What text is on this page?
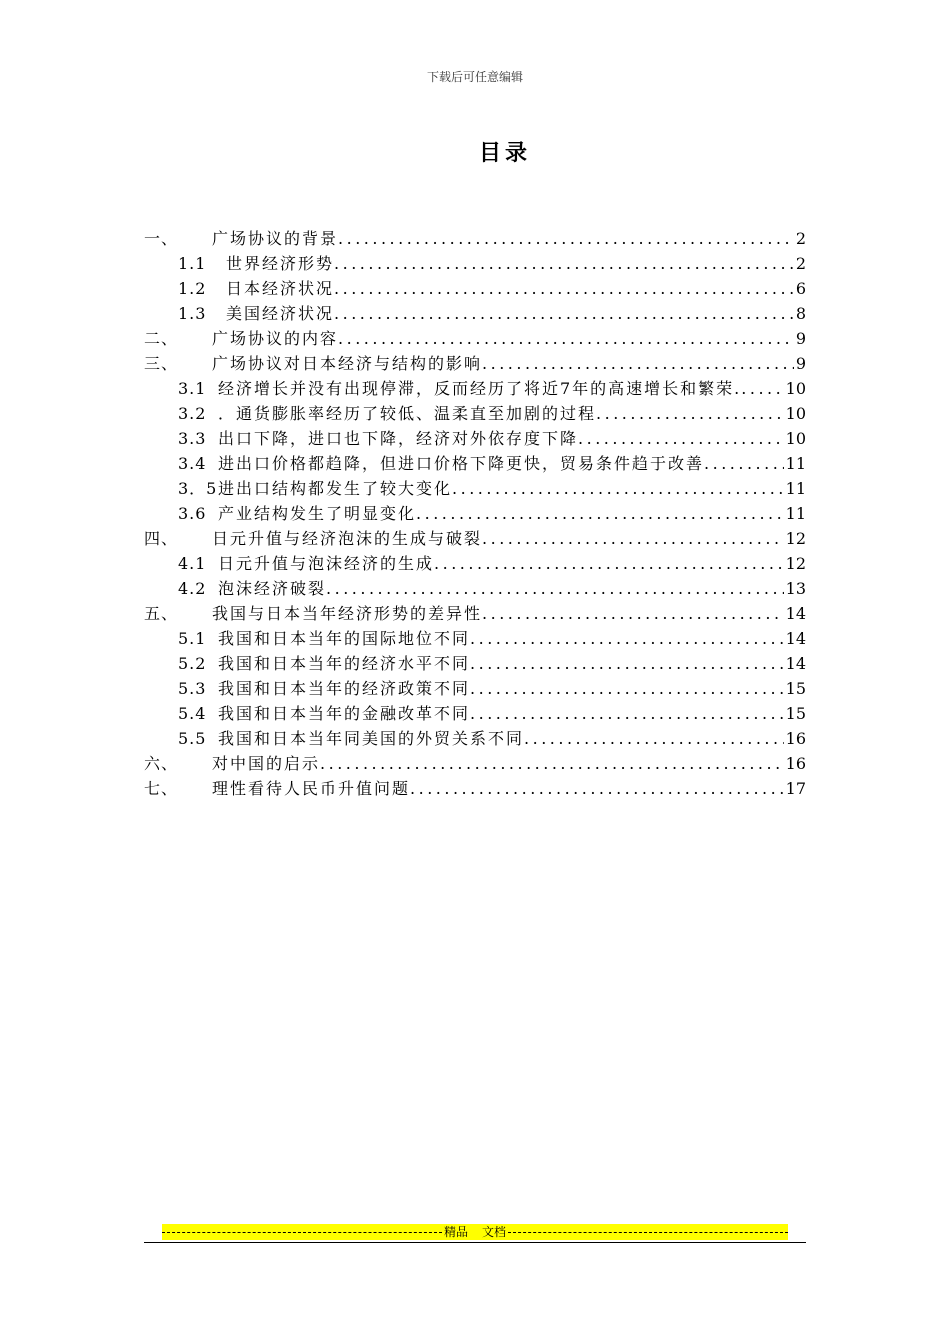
下载后可任意编辑
目录
一、	广场协议的背景 .....	2
1.1	世界经济形势 .....	2
1.2	日本经济状况 .....	6
1.3	美国经济状况 .....	8
二、	广场协议的内容 .....	9
三、	广场协议对日本经济与结构的影响 .....	9
3.1 经济增长并没有出现停滞，反而经历了将近7年的高速增长和繁荣. .....	10
3.2 ．通货膨胀率经历了较低、温柔直至加剧的过程 .....	10
3.3 出口下降，进口也下降，经济对外依存度下降 .....	10
3.4 进出口价格都趋降，但进口价格下降更快，贸易条件趋于改善 .....	11
3．5 进出口结构都发生了较大变化 .....	11
3.6 产业结构发生了明显变化 .....	11
四、	日元升值与经济泡沫的生成与破裂 .....	12
4.1 日元升值与泡沫经济的生成 .....	12
4.2 泡沫经济破裂 .....	13
五、	我国与日本当年经济形势的差异性 .....	14
5.1 我国和日本当年的国际地位不同 .....	14
5.2 我国和日本当年的经济水平不同 .....	14
5.3 我国和日本当年的经济政策不同 .....	15
5.4 我国和日本当年的金融改革不同 .....	15
5.5 我国和日本当年同美国的外贸关系不同 .....	16
六、	对中国的启示 .....	16
七、	理性看待人民币升值问题 .....	17
精品	文档
